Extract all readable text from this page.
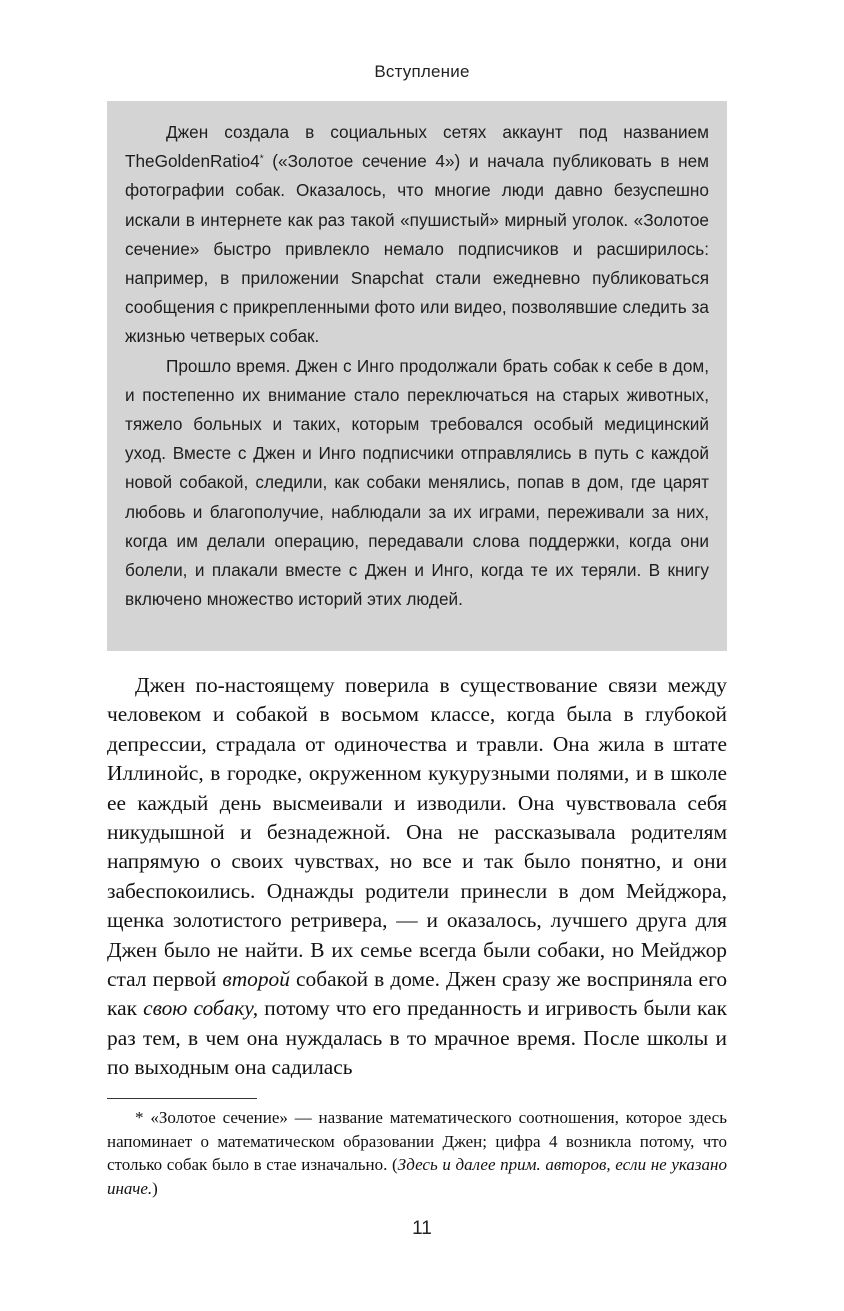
Вступление

Джен создала в социальных сетях аккаунт под названием TheGoldenRatio4* («Золотое сечение 4») и начала публиковать в нем фотографии собак. Оказалось, что многие люди давно безуспешно искали в интернете как раз такой «пушистый» мирный уголок. «Золотое сечение» быстро привлекло немало подписчиков и расширилось: например, в приложении Snapchat стали ежедневно публиковаться сообщения с прикрепленными фото или видео, позволявшие следить за жизнью четверых собак.

Прошло время. Джен с Инго продолжали брать собак к себе в дом, и постепенно их внимание стало переключаться на старых животных, тяжело больных и таких, которым требовался особый медицинский уход. Вместе с Джен и Инго подписчики отправлялись в путь с каждой новой собакой, следили, как собаки менялись, попав в дом, где царят любовь и благополучие, наблюдали за их играми, переживали за них, когда им делали операцию, передавали слова поддержки, когда они болели, и плакали вместе с Джен и Инго, когда те их теряли. В книгу включено множество историй этих людей.

Джен по-настоящему поверила в существование связи между человеком и собакой в восьмом классе, когда была в глубокой депрессии, страдала от одиночества и травли. Она жила в штате Иллинойс, в городке, окруженном кукурузными полями, и в школе ее каждый день высмеивали и изводили. Она чувствовала себя никудышной и безнадежной. Она не рассказывала родителям напрямую о своих чувствах, но все и так было понятно, и они забеспокоились. Однажды родители принесли в дом Мейджора, щенка золотистого ретривера, — и оказалось, лучшего друга для Джен было не найти. В их семье всегда были собаки, но Мейджор стал первой второй собакой в доме. Джен сразу же восприняла его как свою собаку, потому что его преданность и игривость были как раз тем, в чем она нуждалась в то мрачное время. После школы и по выходным она садилась

* «Золотое сечение» — название математического соотношения, которое здесь напоминает о математическом образовании Джен; цифра 4 возникла потому, что столько собак было в стае изначально. (Здесь и далее прим. авторов, если не указано иначе.)

11
